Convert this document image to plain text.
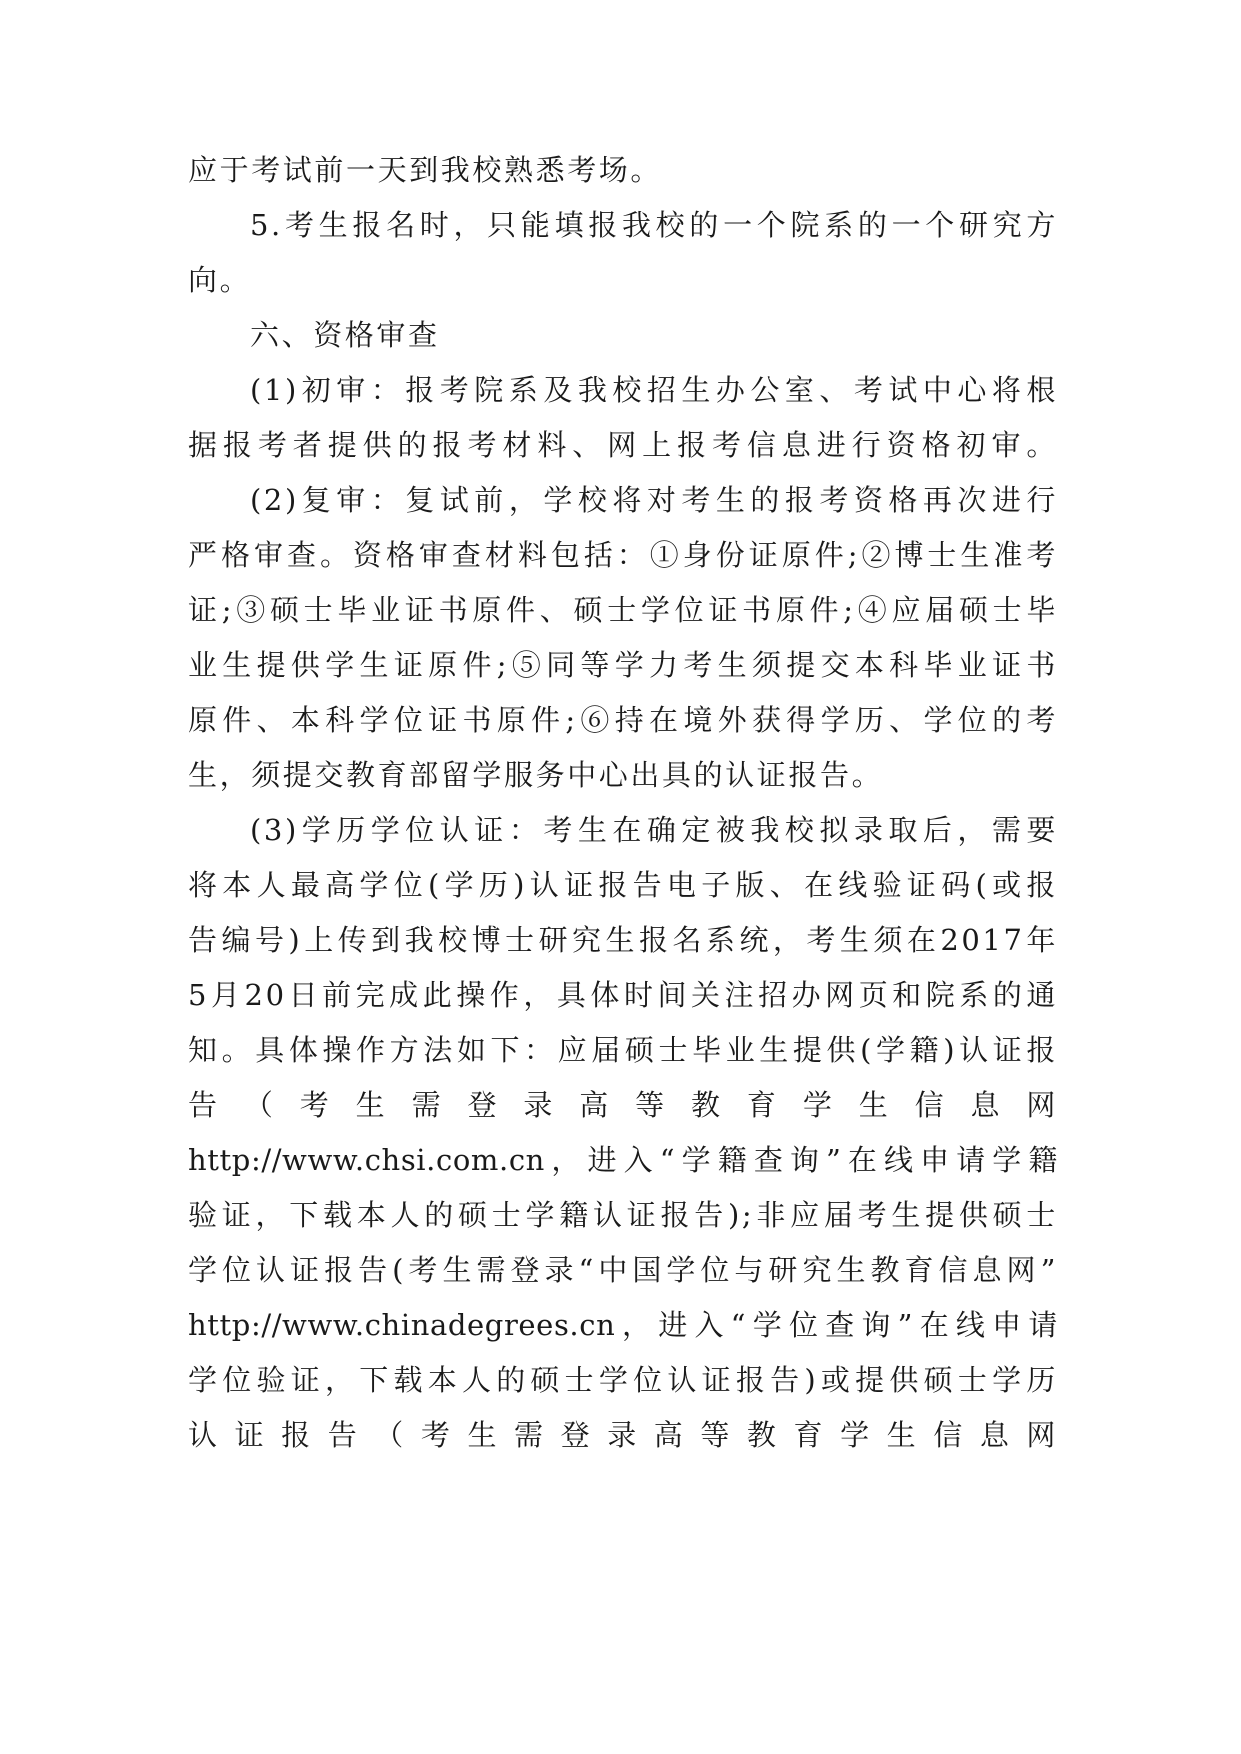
应于考试前一天到我校熟悉考场。
5.考生报名时，只能填报我校的一个院系的一个研究方
向。
六、资格审查
(1)初审：报考院系及我校招生办公室、考试中心将根
据报考者提供的报考材料、网上报考信息进行资格初审。
(2)复审：复试前，学校将对考生的报考资格再次进行
严格审查。资格审查材料包括：①身份证原件;②博士生准考
证;③硕士毕业证书原件、硕士学位证书原件;④应届硕士毕
业生提供学生证原件;⑤同等学力考生须提交本科毕业证书
原件、本科学位证书原件;⑥持在境外获得学历、学位的考
生，须提交教育部留学服务中心出具的认证报告。
(3)学历学位认证：考生在确定被我校拟录取后，需要
将本人最高学位(学历)认证报告电子版、在线验证码(或报
告编号)上传到我校博士研究生报名系统，考生须在2017年
5月20日前完成此操作，具体时间关注招办网页和院系的通
知。具体操作方法如下：应届硕士毕业生提供(学籍)认证报
告（考生需登录高等教育学生信息网
http://www.chsi.com.cn，进入“学籍查询”在线申请学籍
验证，下载本人的硕士学籍认证报告);非应届考生提供硕士
学位认证报告(考生需登录“中国学位与研究生教育信息网”
http://www.chinadegrees.cn，进入“学位查询”在线申请
学位验证，下载本人的硕士学位认证报告)或提供硕士学历
认证报告（考生需登录高等教育学生信息网
